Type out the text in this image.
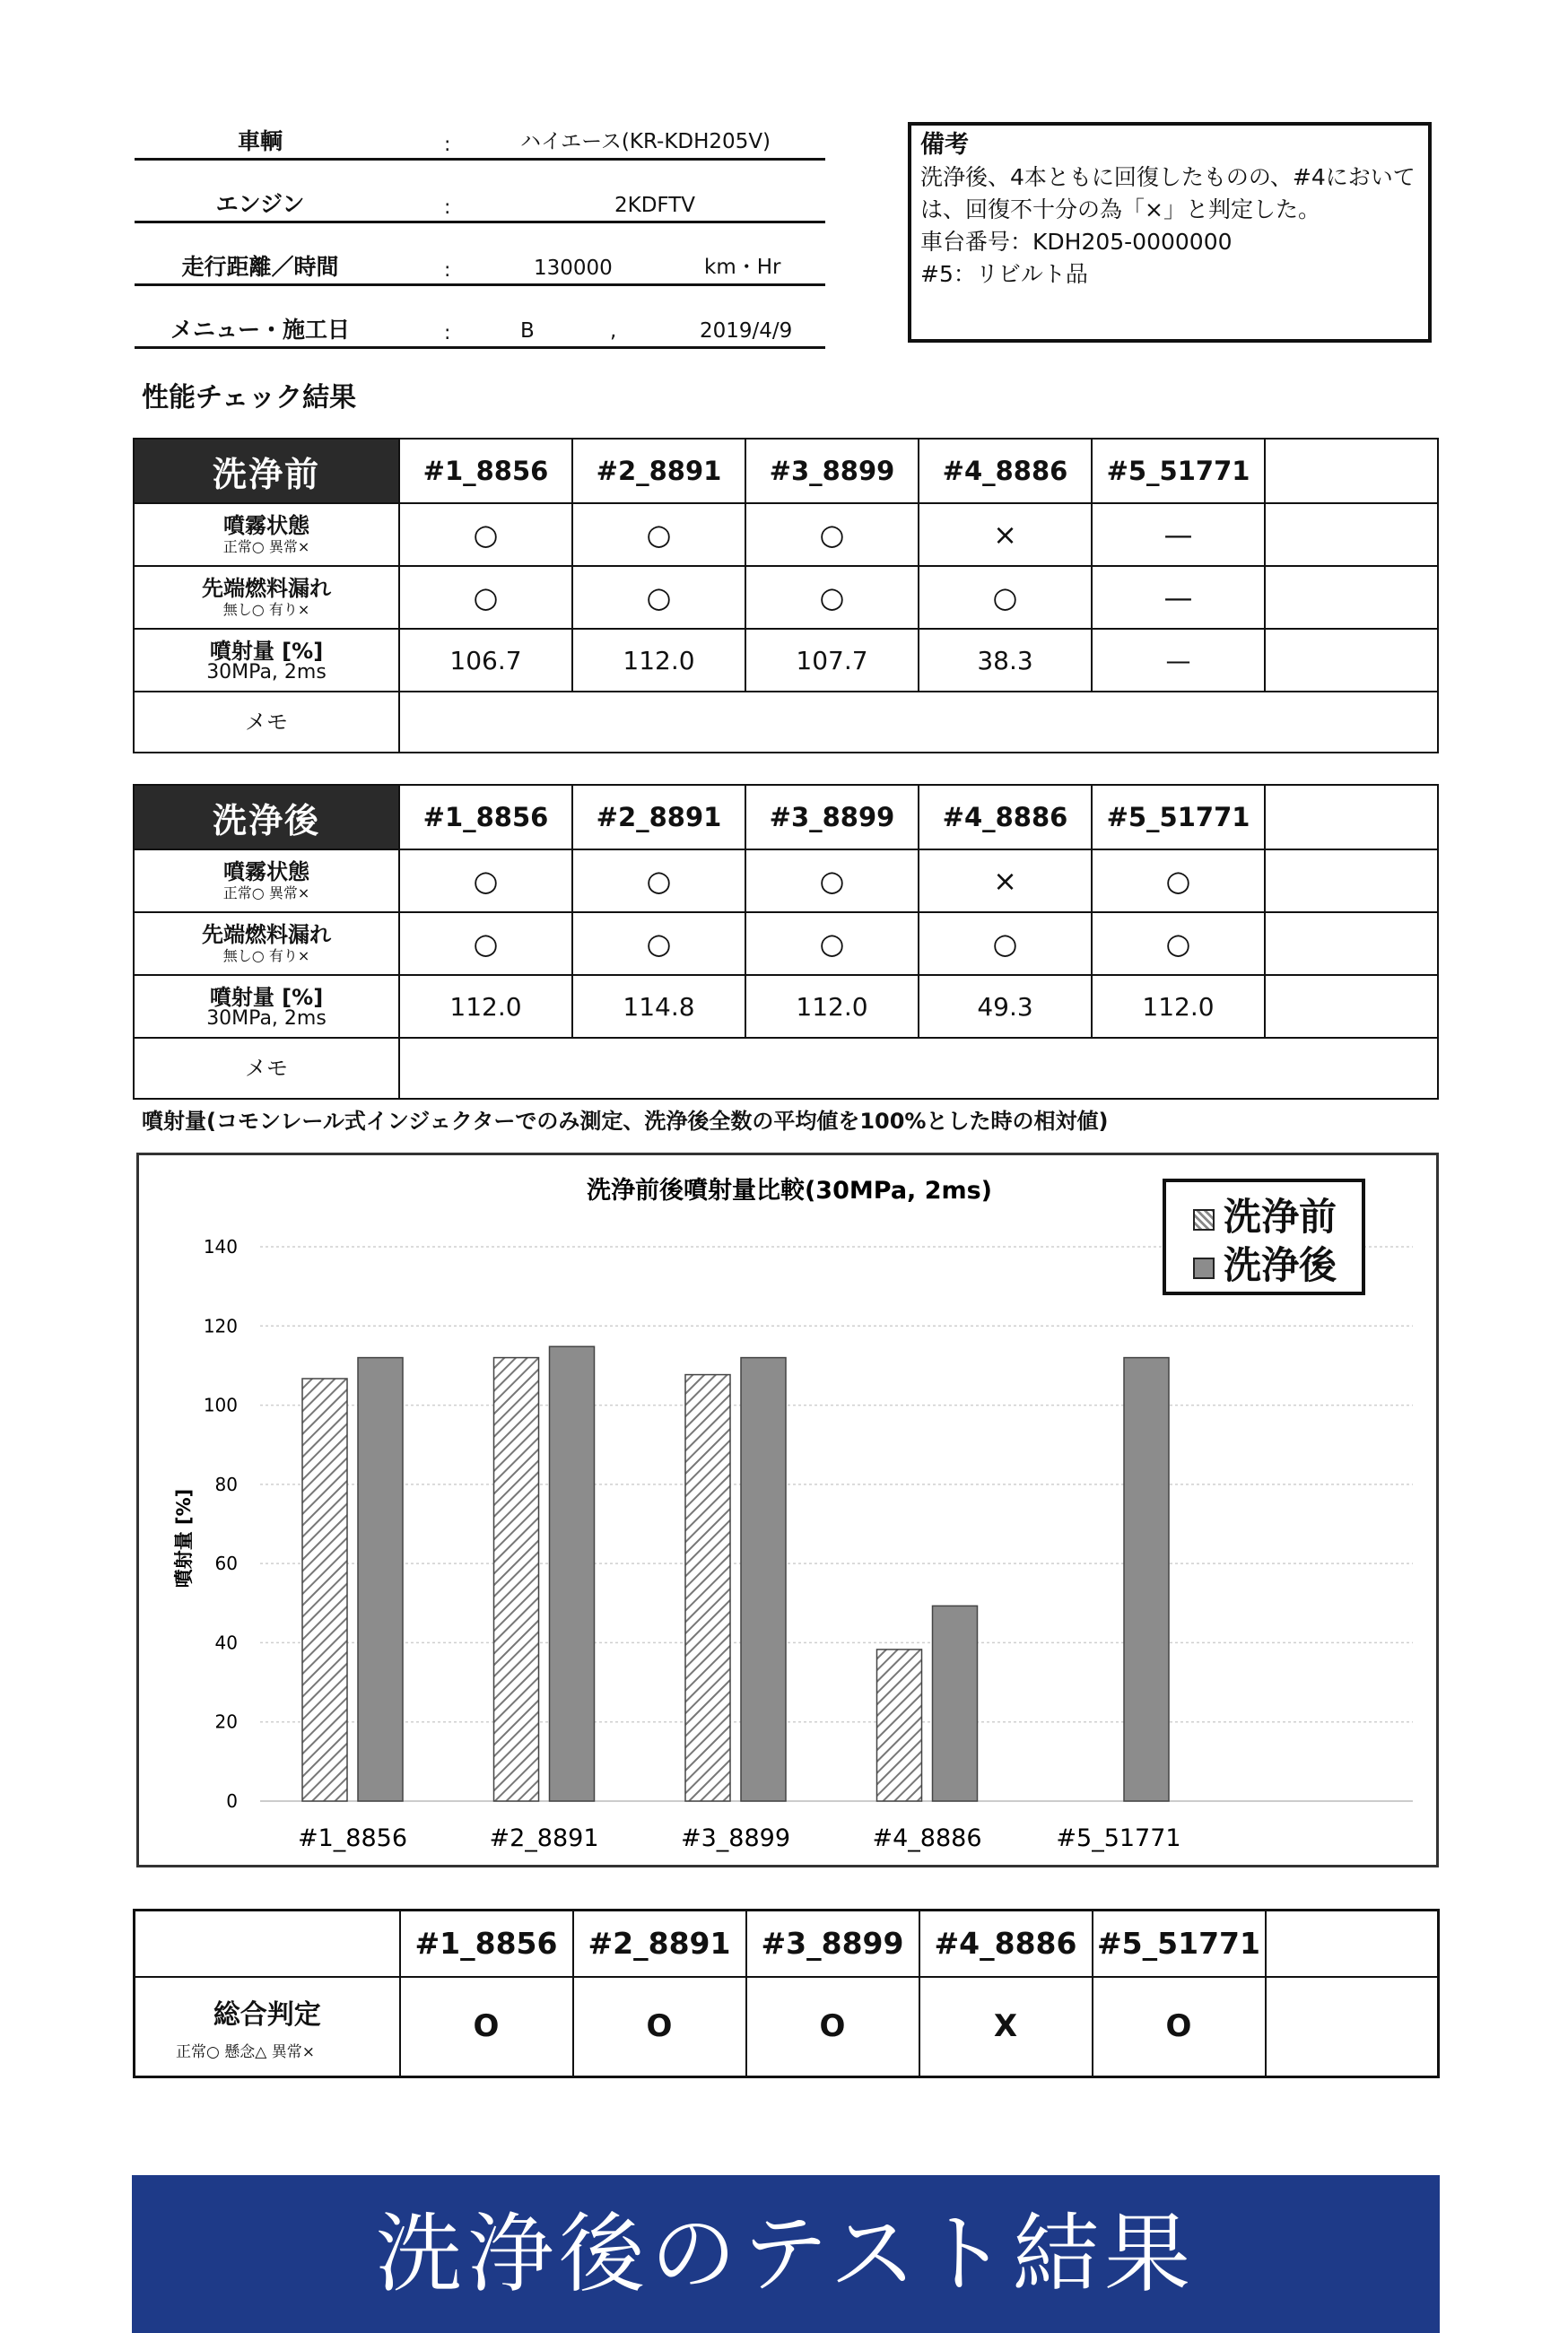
車輌	:	ハイエース(KR-KDH205V)
エンジン	:	2KDFTV
走行距離／時間	:	130000	km・Hr
メニュー・施工日	:	B	,	2019/4/9
備考
洗浄後、4本ともに回復したものの、#4において
は、回復不十分の為「×」と判定した。
車台番号：KDH205-0000000
#5：リビルト品
性能チェック結果
洗浄前	#1_8856	#2_8891	#3_8899	#4_8886	#5_51771	

噴霧状態
正常○ 異常×	○	○	○	×	—	

先端燃料漏れ
無し○ 有り×	○	○	○	○	—	

噴射量 [%]
30MPa, 2ms	106.7	112.0	107.7	38.3	—	

メモ						

洗浄後	#1_8856	#2_8891	#3_8899	#4_8886	#5_51771	

噴霧状態
正常○ 異常×	○	○	○	×	○	

先端燃料漏れ
無し○ 有り×	○	○	○	○	○	

噴射量 [%]
30MPa, 2ms	112.0	114.8	112.0	49.3	112.0	

メモ						

噴射量(コモンレール式インジェクターでのみ測定、洗浄後全数の平均値を100%とした時の相対値)
洗浄前後噴射量比較(30MPa, 2ms)
0
20
40
60
80
100
120
140
#1_8856	#2_8891	#3_8899	#4_8886	#5_51771
噴射量 [%]
洗浄前
洗浄後
	#1_8856	#2_8891	#3_8899	#4_8886	#5_51771	

総合判定
正常○ 懸念△ 異常×	O	O	O	X	O	
洗浄後のテスト結果
